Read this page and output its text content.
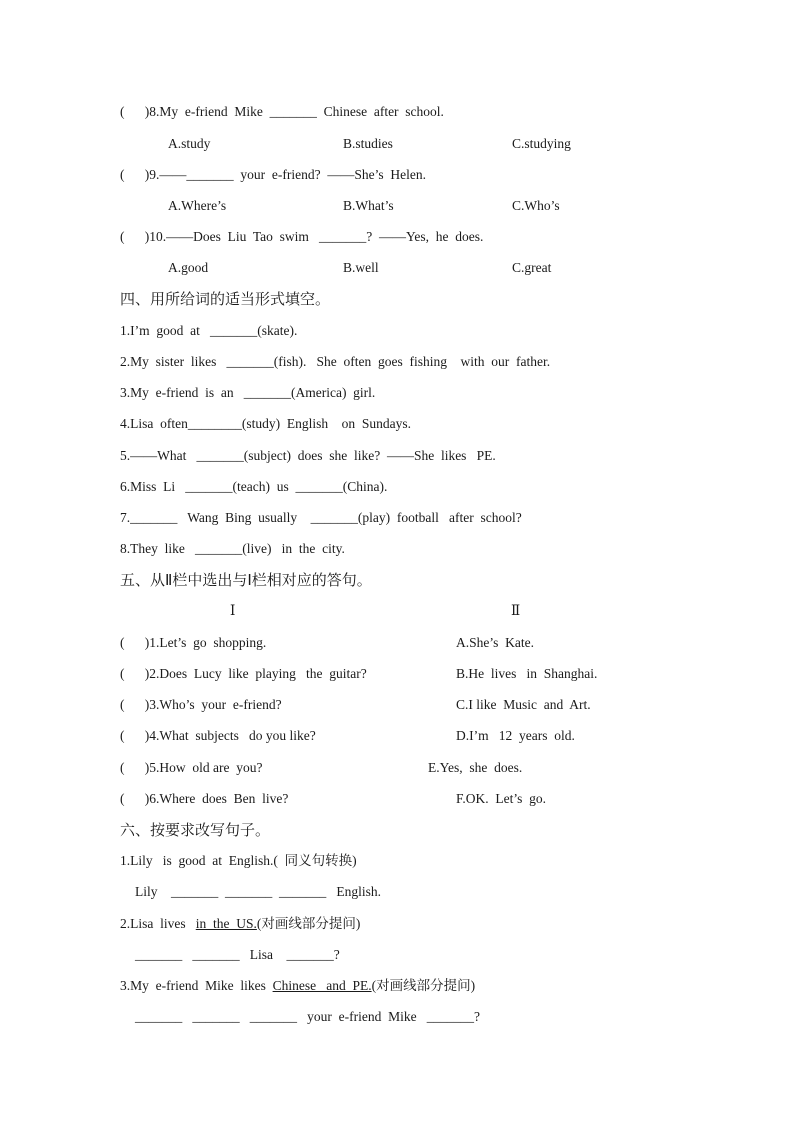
(      )8.My  e-friend  Mike  _______  Chinese  after  school.
A.study	B.studies	C.studying
(      )9.——_______  your  e-friend?  ——She’s  Helen.
A.Where’s	B.What’s	C.Who’s
(      )10.——Does  Liu  Tao  swim   _______?  ——Yes,  he  does.
A.good	B.well	C.great
四、用所给词的适当形式填空。
1.I’m  good  at   _______(skate).
2.My  sister  likes   _______(fish).   She  often  goes  fishing    with  our  father.
3.My  e-friend  is  an   _______(America)  girl.
4.Lisa  often________(study)  English    on  Sundays.
5.——What   _______(subject)  does  she  like?  ——She  likes   PE.
6.Miss  Li   _______(teach)  us  _______(China).
7._______   Wang  Bing  usually    _______(play)  football   after  school?
8.They  like   _______(live)   in  the  city.
五、从Ⅱ栏中选出与Ⅰ栏相对应的答句。
Ⅰ	Ⅱ
(      )1.Let’s  go  shopping.	A.She’s  Kate.
(      )2.Does  Lucy  like  playing   the  guitar?	B.He  lives   in  Shanghai.
(      )3.Who’s  your  e-friend?	C.I like  Music  and  Art.
(      )4.What  subjects   do you like?	D.I’m   12  years  old.
(      )5.How  old are  you?	E.Yes,  she  does.
(      )6.Where  does  Ben  live?	F.OK.  Let’s  go.
六、按要求改写句子。
1.Lily   is  good  at  English.(  同义句转换)
Lily    _______  _______  _______   English.
2.Lisa  lives   in  the  US.(对画线部分提问)
_______   _______   Lisa    _______?
3.My  e-friend  Mike  likes  Chinese   and  PE.(对画线部分提问)
_______   _______   _______   your  e-friend  Mike   _______?
